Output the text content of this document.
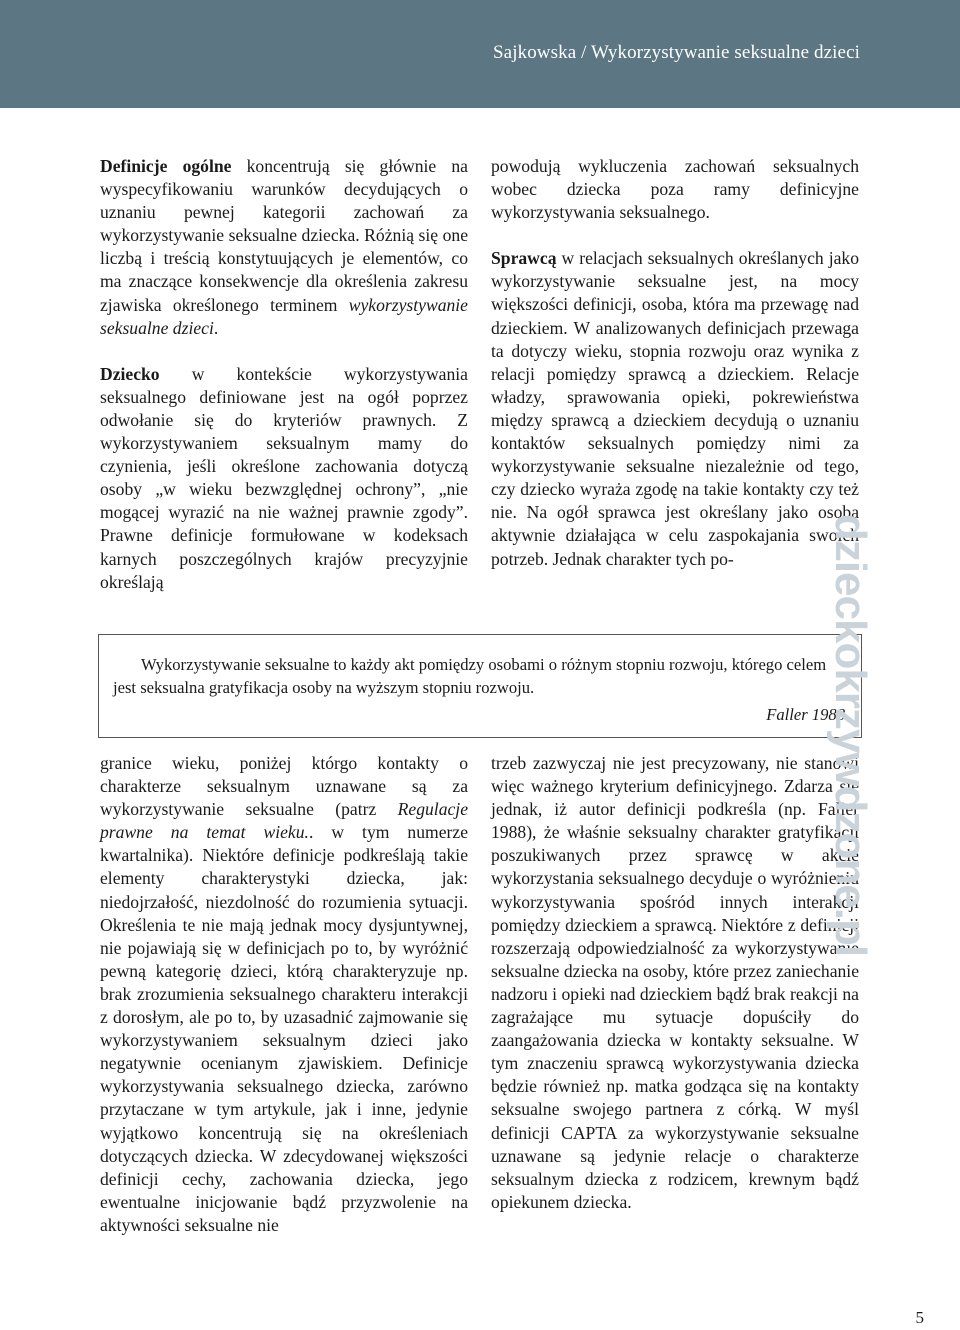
Sajkowska / Wykorzystywanie seksualne dzieci

Definicje ogólne koncentrują się głównie na wyspecyfikowaniu warunków decydujących o uznaniu pewnej kategorii zachowań za wykorzystywanie seksualne dziecka. Różnią się one liczbą i treścią konstytuujących je elementów, co ma znaczące konsekwencje dla określenia zakresu zjawiska określonego terminem wykorzystywanie seksualne dzieci.

Dziecko w kontekście wykorzystywania seksualnego definiowane jest na ogół poprzez odwołanie się do kryteriów prawnych. Z wykorzystywaniem seksualnym mamy do czynienia, jeśli określone zachowania dotyczą osoby „w wieku bezwzględnej ochrony”, „nie mogącej wyrazić na nie ważnej prawnie zgody”. Prawne definicje formułowane w kodeksach karnych poszczególnych krajów precyzyjnie określają

powodują wykluczenia zachowań seksualnych wobec dziecka poza ramy definicyjne wykorzystywania seksualnego.

Sprawcą w relacjach seksualnych określanych jako wykorzystywanie seksualne jest, na mocy większości definicji, osoba, która ma przewagę nad dzieckiem. W analizowanych definicjach przewaga ta dotyczy wieku, stopnia rozwoju oraz wynika z relacji pomiędzy sprawcą a dzieckiem. Relacje władzy, sprawowania opieki, pokrewieństwa między sprawcą a dzieckiem decydują o uznaniu kontaktów seksualnych pomiędzy nimi za wykorzystywanie seksualne niezależnie od tego, czy dziecko wyraża zgodę na takie kontakty czy też nie. Na ogół sprawca jest określany jako osoba aktywnie działająca w celu zaspokajania swoich potrzeb. Jednak charakter tych po-

Wykorzystywanie seksualne to każdy akt pomiędzy osobami o różnym stopniu rozwoju, którego celem jest seksualna gratyfikacja osoby na wyższym stopniu rozwoju.
Faller 1988

granice wieku, poniżej którgo kontakty o charakterze seksualnym uznawane są za wykorzystywanie seksualne (patrz Regulacje prawne na temat wieku.. w tym numerze kwartalnika). Niektóre definicje podkreślają takie elementy charakterystyki dziecka, jak: niedojrzałość, niezdolność do rozumienia sytuacji. Określenia te nie mają jednak mocy dysjuntywnej, nie pojawiają się w definicjach po to, by wyróżnić pewną kategorię dzieci, którą charakteryzuje np. brak zrozumienia seksualnego charakteru interakcji z dorosłym, ale po to, by uzasadnić zajmowanie się wykorzystywaniem seksualnym dzieci jako negatywnie ocenianym zjawiskiem. Definicje wykorzystywania seksualnego dziecka, zarówno przytaczane w tym artykule, jak i inne, jedynie wyjątkowo koncentrują się na określeniach dotyczących dziecka. W zdecydowanej większości definicji cechy, zachowania dziecka, jego ewentualne inicjowanie bądź przyzwolenie na aktywności seksualne nie

trzeb zazwyczaj nie jest precyzowany, nie stanowi więc ważnego kryterium definicyjnego. Zdarza się jednak, iż autor definicji podkreśla (np. Faller 1988), że właśnie seksualny charakter gratyfikacji poszukiwanych przez sprawcę w akcie wykorzystania seksualnego decyduje o wyróżnieniu wykorzystywania spośród innych interakcji pomiędzy dzieckiem a sprawcą. Niektóre z definicji rozszerzają odpowiedzialność za wykorzystywanie seksualne dziecka na osoby, które przez zaniechanie nadzoru i opieki nad dzieckiem bądź brak reakcji na zagrażające mu sytuacje dopuściły do zaangażowania dziecka w kontakty seksualne. W tym znaczeniu sprawcą wykorzystywania dziecka będzie również np. matka godząca się na kontakty seksualne swojego partnera z córką. W myśl definicji CAPTA za wykorzystywanie seksualne uznawane są jedynie relacje o charakterze seksualnym dziecka z rodzicem, krewnym bądź opiekunem dziecka.

dzieckokrzywdzone.pl
5
